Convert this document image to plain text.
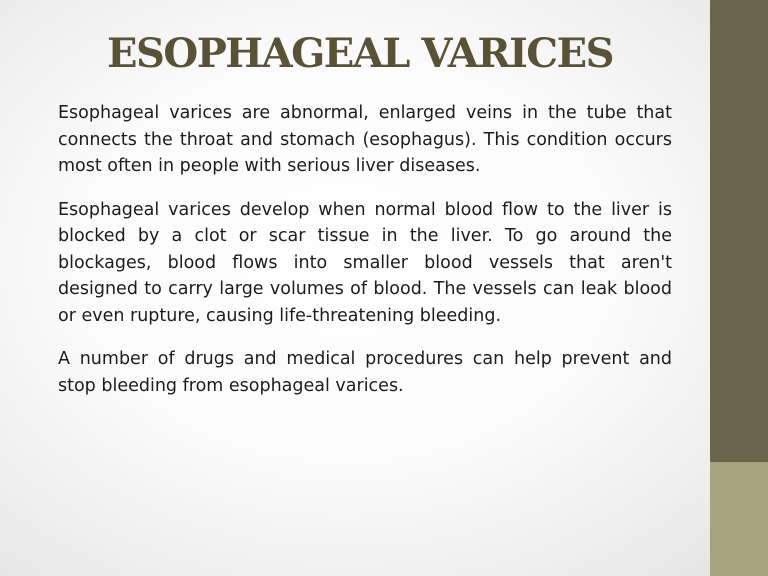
ESOPHAGEAL VARICES

Esophageal varices are abnormal, enlarged veins in the tube that connects the throat and stomach (esophagus). This condition occurs most often in people with serious liver diseases.

Esophageal varices develop when normal blood flow to the liver is blocked by a clot or scar tissue in the liver. To go around the blockages, blood flows into smaller blood vessels that aren't designed to carry large volumes of blood. The vessels can leak blood or even rupture, causing life-threatening bleeding.

A number of drugs and medical procedures can help prevent and stop bleeding from esophageal varices.
